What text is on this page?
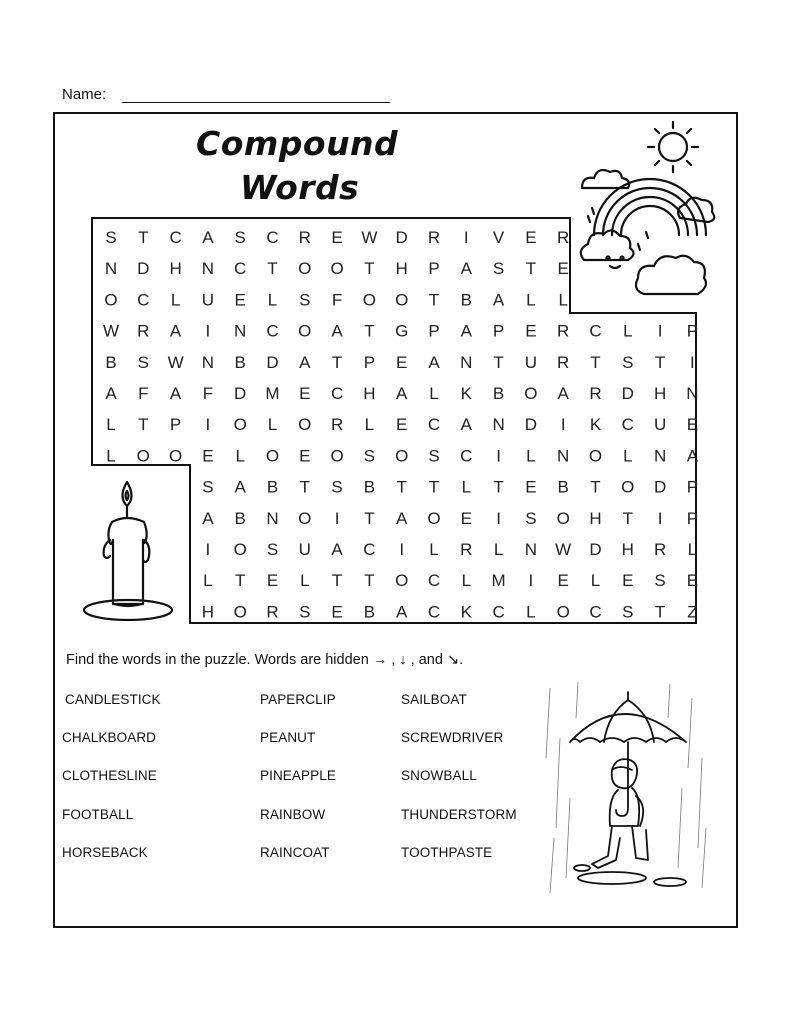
Name:
Compound
Words
S T C A S C R E W D R I V E R
N D H N C T O O T H P A S T E
O C L U E L S F O O T B A L L
W R A I N C O A T G P A P E R C L I P
B S W N B D A T P E A N T U R T S T I
A F A F D M E C H A L K B O A R D H N
L T P I O L O R L E C A N D I K C U E
L O O E L O E O S O S C I L N O L N A
S A B T S B T T L T E B T O D P
A B N O I T A O E I S O H T I P
I O S U A C I L R L N W D H R L
L T E L T T O C L M I E L E S E
H O R S E B A C K C L O C S T Z
Find the words in the puzzle. Words are hidden → , ↓ , and ↘.
CANDLESTICK
CHALKBOARD
CLOTHESLINE
FOOTBALL
HORSEBACK
PAPERCLIP
PEANUT
PINEAPPLE
RAINBOW
RAINCOAT
SAILBOAT
SCREWDRIVER
SNOWBALL
THUNDERSTORM
TOOTHPASTE
